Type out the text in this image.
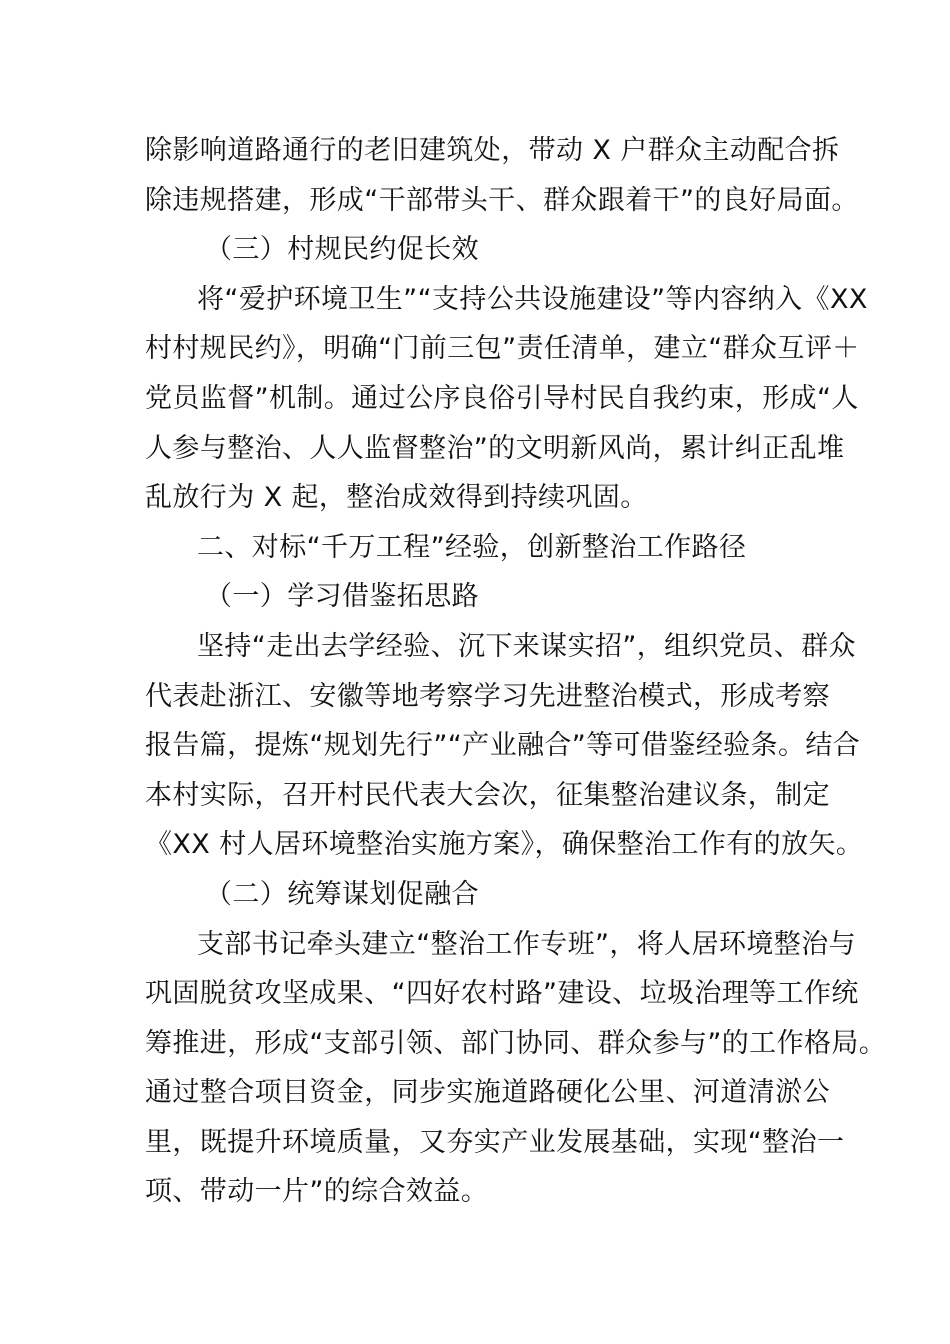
除影响道路通行的老旧建筑处，带动 X 户群众主动配合拆
除违规搭建，形成“干部带头干、群众跟着干”的良好局面。
（三）村规民约促长效
将“爱护环境卫生”“支持公共设施建设”等内容纳入《XX
村村规民约》，明确“门前三包”责任清单，建立“群众互评＋
党员监督”机制。通过公序良俗引导村民自我约束，形成“人
人参与整治、人人监督整治”的文明新风尚，累计纠正乱堆
乱放行为 X 起，整治成效得到持续巩固。
二、对标“千万工程”经验，创新整治工作路径
（一）学习借鉴拓思路
坚持“走出去学经验、沉下来谋实招”，组织党员、群众
代表赴浙江、安徽等地考察学习先进整治模式，形成考察
报告篇，提炼“规划先行”“产业融合”等可借鉴经验条。结合
本村实际，召开村民代表大会次，征集整治建议条，制定
《XX 村人居环境整治实施方案》，确保整治工作有的放矢。
（二）统筹谋划促融合
支部书记牵头建立“整治工作专班”，将人居环境整治与
巩固脱贫攻坚成果、“四好农村路”建设、垃圾治理等工作统
筹推进，形成“支部引领、部门协同、群众参与”的工作格局。
通过整合项目资金，同步实施道路硬化公里、河道清淤公
里，既提升环境质量，又夯实产业发展基础，实现“整治一
项、带动一片”的综合效益。
